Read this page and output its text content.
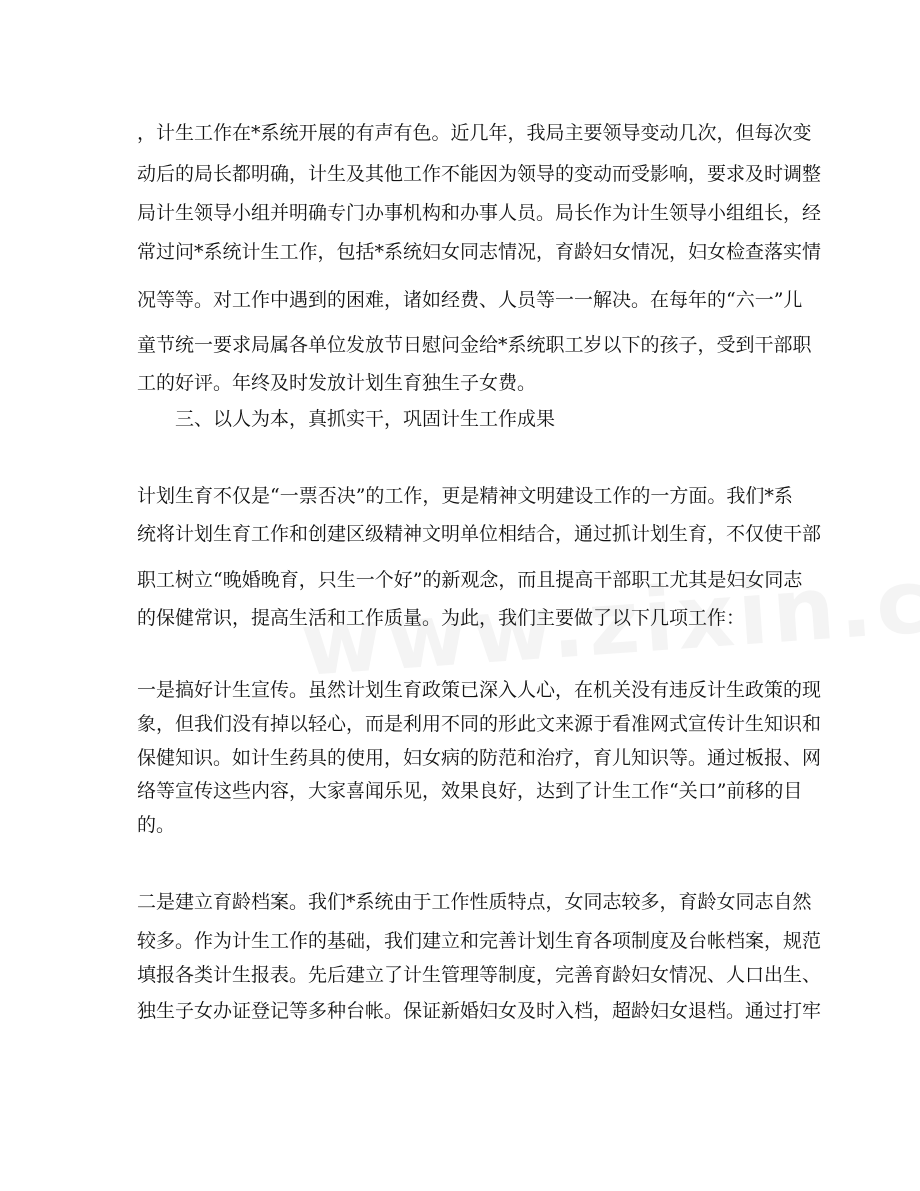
，计生工作在*系统开展的有声有色。近几年，我局主要领导变动几次，但每次变
动后的局长都明确，计生及其他工作不能因为领导的变动而受影响，要求及时调整
局计生领导小组并明确专门办事机构和办事人员。局长作为计生领导小组组长，经
常过问*系统计生工作，包括*系统妇女同志情况，育龄妇女情况，妇女检查落实情
况等等。对工作中遇到的困难，诸如经费、人员等一一解决。在每年的“六一”儿
童节统一要求局属各单位发放节日慰问金给*系统职工岁以下的孩子，受到干部职
工的好评。年终及时发放计划生育独生子女费。
三、以人为本，真抓实干，巩固计生工作成果
计划生育不仅是“一票否决”的工作，更是精神文明建设工作的一方面。我们*系
统将计划生育工作和创建区级精神文明单位相结合，通过抓计划生育，不仅使干部
职工树立“晚婚晚育，只生一个好”的新观念，而且提高干部职工尤其是妇女同志
的保健常识，提高生活和工作质量。为此，我们主要做了以下几项工作：
一是搞好计生宣传。虽然计划生育政策已深入人心，在机关没有违反计生政策的现
象，但我们没有掉以轻心，而是利用不同的形此文来源于看准网式宣传计生知识和
保健知识。如计生药具的使用，妇女病的防范和治疗，育儿知识等。通过板报、网
络等宣传这些内容，大家喜闻乐见，效果良好，达到了计生工作“关口”前移的目
的。
二是建立育龄档案。我们*系统由于工作性质特点，女同志较多，育龄女同志自然
较多。作为计生工作的基础，我们建立和完善计划生育各项制度及台帐档案，规范
填报各类计生报表。先后建立了计生管理等制度，完善育龄妇女情况、人口出生、
独生子女办证登记等多种台帐。保证新婚妇女及时入档，超龄妇女退档。通过打牢
